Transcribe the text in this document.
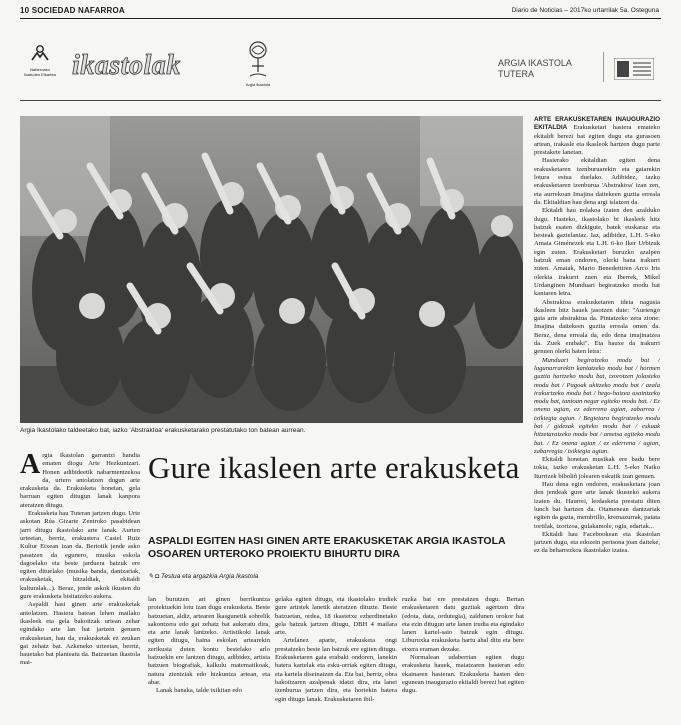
10 SOCIEDAD NAFARROA	Diario de Noticias – 2017ko urtarrilak 5a. Osteguna
Nafarroako Ikastolen Elkartea ikastolak
Argia Ikastola
ARGIA IKASTOLA
TUTERA
Argia Ikastolako taldeetako bat, iazko 'Abstraktoa' erakusketarako prestatutako ton batean aurrean.

Argia Ikastolan garrantzi handia ematen diogu Arte Hezkuntzari. Honen adibideetik nabarmentzekoa da, urtero antolatzen dugun arte erakusketa da. Erakusketa honetan, gela barruan egiten ditugun lanak kanpora ateratzen ditugu.

Erakusketa hau Tuteran jartzen dugu. Urte askotan Rúa Gizarte Zentroko pasabidean jarri ditugu ikastolako arte lanak. Aurten urteetan, berriz, erakustera Castel Ruiz Kultur Etxean izan da. Bertotik jende asko pasatzen da egunero, musika eskola dagoelako eta beste jarduera batzuk ere egiten dituelako (musika banda, dantzariak, erakusketak, hitzaldiak, ekitaldi kulturalak...). Beraz, jende askok ikusten du gure erakusketa bisitatzeko aukera.

Aspaldi hasi ginen arte erakusketak antolatzen. Hasiera batean lehen mailako ikasleek eta gela bakoitzak urtean zehar egindako arte lan bat jartzen genuen erakusketan, hau da, erakusketak ez zeukan gai zehatz bat. Azkeneko urteetan, berriz, hauetako bat planteatu da. Batzuetan ikastola mai-

Gure ikasleen arte erakusketa
ASPALDI EGITEN HASI GINEN ARTE ERAKUSKETAK ARGIA IKASTOLA OSOAREN URTEROKO PROIEKTU BIHURTU DIRA
✎ ◘ Testua eta argazkia Argia Ikastola

lan burutzen ari ginen berrikuntza proiektuekin lotu izan dugu erakusketa. Beste batzuetan, aldiz, artearen lkasgunetik sobrelik sakontzera edo gai zehatz bat aukeratu dira, eta arte lanak lantzeko. Artistikoki lanak egiten ditugu, baina eskolan artearekin zerikusia duten kontu bestelako arlo batzuekin ere lantzen ditugu, adibidez, artista batzuen biografiak, kalkulu matematikoak, natura zientziak edo hizkuntza artean, eta abar.

Lanak banaka, talde txikitan edo

gelaka egiten ditugu, eta ikastolako irudiek gure artistek lanetik ateratzen dituzte. Beste batzuetan, ordea, 18 ikastetxe ezberdinetako gela batzuk jartzen ditugu, DBH 4 mailara arte.

Artelanez aparte, erakusketa ongi prestatzeko beste lan batzuk ere egiten ditugu. Erakusketaren gaia erabaki ondoren, lanekin batera kartelak eta esku-orriak egiten ditugu, eta kartela diseinatzen da. Eta bai, berriz, obra bakoitzaren azalpenak idatzi dira, eta lanei izenburua jartzen dira, eta horiekin batera egin ditugu lanak. Erakusketaren ibil-

ruzka bat ere prestatzen dugu. Bertan erakusketaren datu guztiak agertzen dira (edota, data, ordutegia), zaldunen orokor bat eta ezin ditugun arte lanen irudia eta egindako lanen kartel-saio batzuk egin ditugu. Liburuxka erakusketa hartu ahal ditu eta bere etxera eraman dezake.

Normalean udaberrian egiten dugu erakusketa hauek, maiatzaren hasieran edo ekainaren hasieran. Erakusketa hasten den egunean inaugurazio ekitaldi berezi bat egiten dugu.

ARTE ERAKUSKETAREN INAUGURAZIO EKITALDIA Erakusketari hasiera emateko ekitaldi berezi bat egiten dugu eta gurasoen artean, irakasle eta ikasleok hartzen dugu parte prestakete lanetan.

Hasierako ekitaldian egiten dena erakusketaren izenburuarekin eta gaiarekin lotura estua duelako. Adibidez, iazko erakusketaren izenburua 'Abstraktoa' izan zen, eta aurrekoan Imajina daitekeen guztia erreala da. Ekitaldian hau dena argi islatzen da.

Ekitaldi hau nolakoa izaten den azalduko dugu. Hasteko, ikastolako bi ikasleek hitz batzuk esaten dizkigute, batek euskaraz eta besteak gaztelaniaz. Iaz, adibidez, L.H. 5-eko Amaia Giménezek eta L.H. 6-ko Iker Urbizuk egin zuten. Erakusketari buruzko azalpen batzuk eman ondoren, olerki bana irakurri zuten. Amaiak, Mario Benedettiren Arco Iris olerkia irakurri zuen eta Iberrek, Mikel Urdanginen Munduari begiratzeko modu bat kantaren letra.

Abstraktoa erakusketaren ideia nagusia ikasleen hitz hauek jasotzen dute: "Aurtengo gaia arte abstraktua da. Pintatzeko zera zione: Imajina daitekeen guztia erreala omen da. Beraz, dena erreala da, edo dena imajinatzea da. Zuek erabaki". Eta hauxe da irakurri genuen olerki baten letra:

Munduari begiratzeko modu bat / lagunarrarekin kantatzeko modu bat / hormen guztia hartzeko modu bat, txorotzen jolasteko modu bat / Pagoak ukitzeko modu bat / azala irakurtzeko modu bat / hego-haizea usaintzeko modu bat, tantoan negar egiteko modu bat. / Ez onena agian, ez ederrena agian, zabarrea / txikiegia agian. / Begietara begiratzeko modu bat / gidezak egiteko modu bat / eskuak hitzetaratzeko modu bat / ametsa egiteko modu bat. / Ez onena agian / ez ederrena / agian, zabarregia / txikiegia agian.

Ekitaldi honetan musikak ere badu bere tokia, iazko erakusketan L.H. 5-eko Naiko Iturrizek biboliñ jolearen eskutik izan genuen.

Hau dena egin ondoren, erakusketara joan den jendeak gure arte lanak ikusteko aukera izaten du. Haurrei, lerdasketa prestatu diten lunch bat hartzen da. Otamenean dantzariak egiten da gazta, membrillo, kremazurrak, patata tortilak, tzorizoa, gulakamole, ogia, edariak...

Ekitaldi hau Facebookean eta ikastolan jartzen dugu, eta edozein pertsona joan daiteke, ez da beharrezkoa ikastolako izatea.
